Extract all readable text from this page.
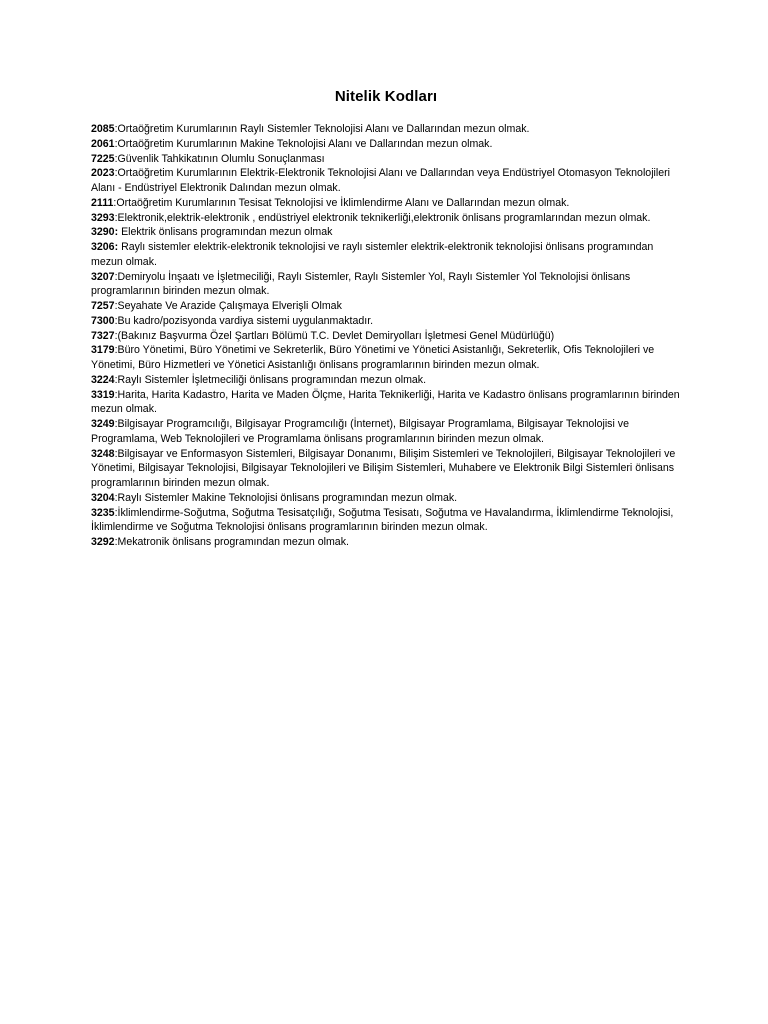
Nitelik Kodları

2085:Ortaöğretim Kurumlarının Raylı Sistemler Teknolojisi Alanı ve Dallarından mezun olmak.

2061:Ortaöğretim Kurumlarının Makine Teknolojisi Alanı ve Dallarından mezun olmak.

7225:Güvenlik Tahkikatının Olumlu Sonuçlanması

2023:Ortaöğretim Kurumlarının Elektrik-Elektronik Teknolojisi Alanı ve Dallarından veya Endüstriyel Otomasyon Teknolojileri Alanı - Endüstriyel Elektronik Dalından mezun olmak.

2111:Ortaöğretim Kurumlarının Tesisat Teknolojisi ve İklimlendirme Alanı ve Dallarından mezun olmak.

3293:Elektronik,elektrik-elektronik , endüstriyel elektronik teknikerliği,elektronik önlisans programlarından mezun olmak.

3290: Elektrik önlisans programından mezun olmak

3206: Raylı sistemler elektrik-elektronik teknolojisi ve raylı sistemler elektrik-elektronik teknolojisi önlisans programından mezun olmak.

3207:Demiryolu İnşaatı ve İşletmeciliği, Raylı Sistemler, Raylı Sistemler Yol, Raylı Sistemler Yol Teknolojisi önlisans programlarının birinden mezun olmak.

7257:Seyahate Ve Arazide Çalışmaya Elverişli Olmak

7300:Bu kadro/pozisyonda vardiya sistemi uygulanmaktadır.

7327:(Bakınız Başvurma Özel Şartları Bölümü T.C. Devlet Demiryolları İşletmesi Genel Müdürlüğü)

3179:Büro Yönetimi, Büro Yönetimi ve Sekreterlik, Büro Yönetimi ve Yönetici Asistanlığı, Sekreterlik, Ofis Teknolojileri ve Yönetimi, Büro Hizmetleri ve Yönetici Asistanlığı önlisans programlarının birinden mezun olmak.

3224:Raylı Sistemler İşletmeciliği önlisans programından mezun olmak.

3319:Harita, Harita Kadastro, Harita ve Maden Ölçme, Harita Teknikerliği, Harita ve Kadastro önlisans programlarının birinden mezun olmak.

3249:Bilgisayar Programcılığı, Bilgisayar Programcılığı (İnternet), Bilgisayar Programlama, Bilgisayar Teknolojisi ve Programlama, Web Teknolojileri ve Programlama önlisans programlarının birinden mezun olmak.

3248:Bilgisayar ve Enformasyon Sistemleri, Bilgisayar Donanımı, Bilişim Sistemleri ve Teknolojileri, Bilgisayar Teknolojileri ve Yönetimi, Bilgisayar Teknolojisi, Bilgisayar Teknolojileri ve Bilişim Sistemleri, Muhabere ve Elektronik Bilgi Sistemleri önlisans programlarının birinden mezun olmak.

3204:Raylı Sistemler Makine Teknolojisi önlisans programından mezun olmak.

3235:İklimlendirme-Soğutma, Soğutma Tesisatçılığı, Soğutma Tesisatı, Soğutma ve Havalandırma, İklimlendirme Teknolojisi, İklimlendirme ve Soğutma Teknolojisi önlisans programlarının birinden mezun olmak.

3292:Mekatronik önlisans programından mezun olmak.
